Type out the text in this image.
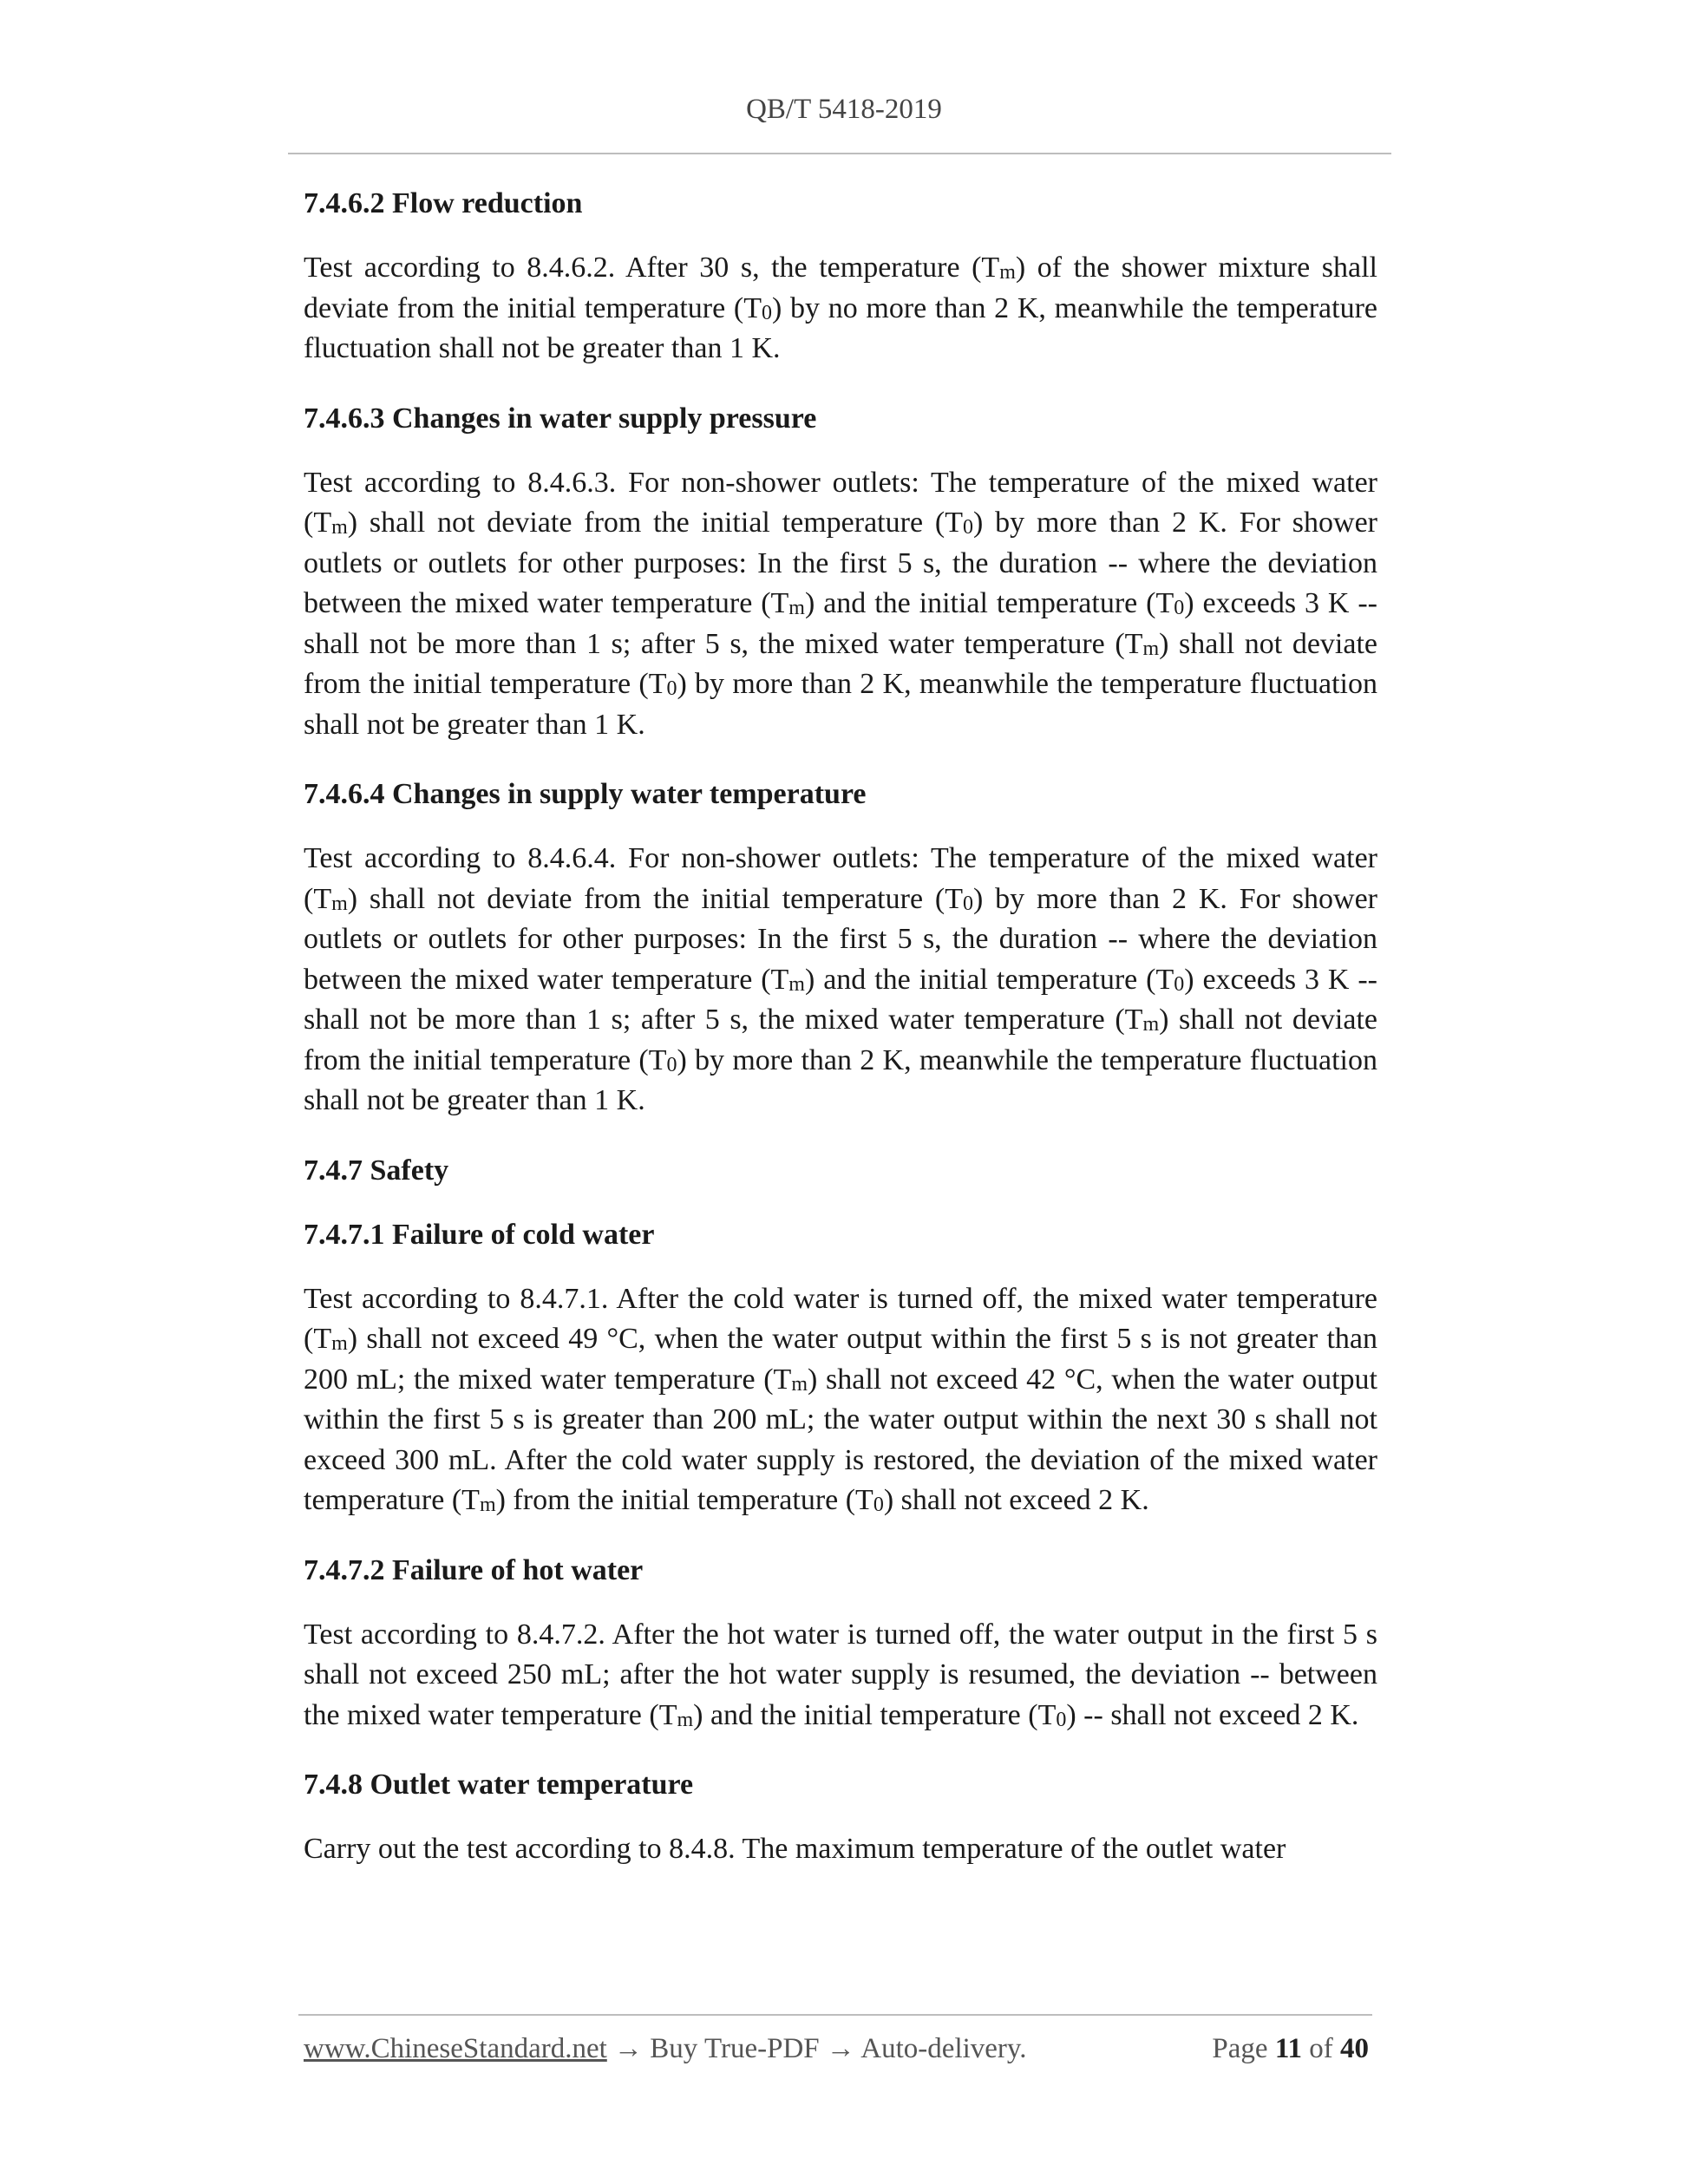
QB/T 5418-2019
7.4.6.2 Flow reduction

Test according to 8.4.6.2. After 30 s, the temperature $(T_m)$ of the shower mixture shall deviate from the initial temperature $(T_0)$ by no more than 2 K, meanwhile the temperature fluctuation shall not be greater than 1 K.

7.4.6.3 Changes in water supply pressure

Test according to 8.4.6.3. For non-shower outlets: The temperature of the mixed water $(T_m)$ shall not deviate from the initial temperature $(T_0)$ by more than 2 K. For shower outlets or outlets for other purposes: In the first 5 s, the duration -- where the deviation between the mixed water temperature $(T_m)$ and the initial temperature $(T_0)$ exceeds 3 K -- shall not be more than 1 s; after 5 s, the mixed water temperature $(T_m)$ shall not deviate from the initial temperature $(T_0)$ by more than 2 K, meanwhile the temperature fluctuation shall not be greater than 1 K.

7.4.6.4 Changes in supply water temperature

Test according to 8.4.6.4. For non-shower outlets: The temperature of the mixed water $(T_m)$ shall not deviate from the initial temperature $(T_0)$ by more than 2 K. For shower outlets or outlets for other purposes: In the first 5 s, the duration -- where the deviation between the mixed water temperature $(T_m)$ and the initial temperature $(T_0)$ exceeds 3 K -- shall not be more than 1 s; after 5 s, the mixed water temperature $(T_m)$ shall not deviate from the initial temperature $(T_0)$ by more than 2 K, meanwhile the temperature fluctuation shall not be greater than 1 K.

7.4.7 Safety
7.4.7.1 Failure of cold water

Test according to 8.4.7.1. After the cold water is turned off, the mixed water temperature $(T_m)$ shall not exceed 49 °C, when the water output within the first 5 s is not greater than 200 mL; the mixed water temperature $(T_m)$ shall not exceed 42 °C, when the water output within the first 5 s is greater than 200 mL; the water output within the next 30 s shall not exceed 300 mL. After the cold water supply is restored, the deviation of the mixed water temperature $(T_m)$ from the initial temperature $(T_0)$ shall not exceed 2 K.

7.4.7.2 Failure of hot water

Test according to 8.4.7.2. After the hot water is turned off, the water output in the first 5 s shall not exceed 250 mL; after the hot water supply is resumed, the deviation -- between the mixed water temperature $(T_m)$ and the initial temperature $(T_0)$ -- shall not exceed 2 K.

7.4.8 Outlet water temperature

Carry out the test according to 8.4.8. The maximum temperature of the outlet water

www.ChineseStandard.net → Buy True-PDF → Auto-delivery.	Page 11 of 40
